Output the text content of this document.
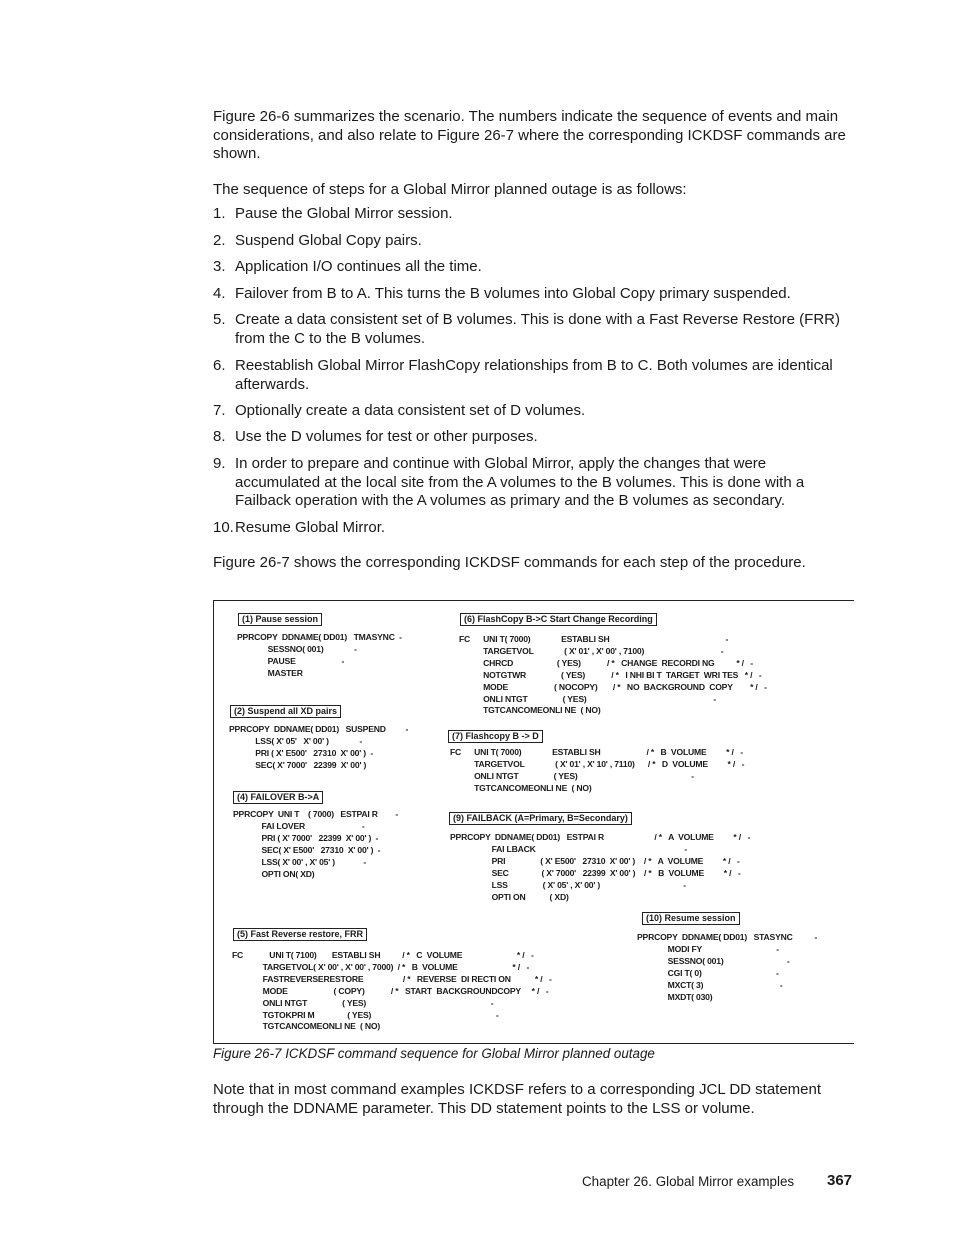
Figure 26-6 summarizes the scenario. The numbers indicate the sequence of events and main considerations, and also relate to Figure 26-7 where the corresponding ICKDSF commands are shown.

The sequence of steps for a Global Mirror planned outage is as follows:

1. Pause the Global Mirror session.
2. Suspend Global Copy pairs.
3. Application I/O continues all the time.
4. Failover from B to A. This turns the B volumes into Global Copy primary suspended.
5. Create a data consistent set of B volumes. This is done with a Fast Reverse Restore (FRR) from the C to the B volumes.
6. Reestablish Global Mirror FlashCopy relationships from B to C. Both volumes are identical afterwards.
7. Optionally create a data consistent set of D volumes.
8. Use the D volumes for test or other purposes.
9. In order to prepare and continue with Global Mirror, apply the changes that were accumulated at the local site from the A volumes to the B volumes. This is done with a Failback operation with the A volumes as primary and the B volumes as secondary.
10. Resume Global Mirror.

Figure 26-7 shows the corresponding ICKDSF commands for each step of the procedure.

(1) Pause session
PPRCOPY  DDNAME( DD01)   TMASYNC  -
SESSNO( 001)              -
PAUSE                     -
MASTER
(6) FlashCopy B->C Start Change Recording
FC      UNI T( 7000)              ESTABLI SH                                                     -
TARGETVOL              ( X' 01' , X' 00' , 7100)                                   -
CHRCD                    ( YES)            / *   CHANGE  RECORDI NG          * /   -
NOTGTWR                ( YES)            / *   I NHI BI T  TARGET  WRI TES   * /   -
MODE                     ( NOCOPY)       / *   NO  BACKGROUND  COPY        * /   -
ONLI NTGT                ( YES)                                                          -
TGTCANCOMEONLI NE  ( NO)
(2) Suspend all XD pairs
PPRCOPY  DDNAME( DD01)   SUSPEND         -
LSS( X' 05'   X' 00' )              -
PRI ( X' E500'   27310  X' 00' )  -
SEC( X' 7000'   22399  X' 00' )
(7) Flashcopy B -> D
FC      UNI T( 7000)              ESTABLI SH                     / *   B  VOLUME         * /   -
TARGETVOL              ( X' 01' , X' 10' , 7110)      / *   D  VOLUME         * /   -
ONLI NTGT                ( YES)                                                    -
TGTCANCOMEONLI NE  ( NO)
(4) FAILOVER B->A
PPRCOPY  UNI T    ( 7000)   ESTPAI R        -
FAI LOVER                          -
PRI ( X' 7000'   22399  X' 00' )  -
SEC( X' E500'   27310  X' 00' )  -
LSS( X' 00' , X' 05' )             -
OPTI ON( XD)
(9) FAILBACK (A=Primary, B=Secondary)
PPRCOPY  DDNAME( DD01)   ESTPAI R                       / *   A  VOLUME         * /   -
FAI LBACK                                                                    -
PRI                ( X' E500'   27310  X' 00' )    / *   A  VOLUME         * /   -
SEC               ( X' 7000'   22399  X' 00' )    / *   B  VOLUME         * /   -
LSS                ( X' 05' , X' 00' )                                      -
OPTI ON           ( XD)
(10) Resume session
PPRCOPY  DDNAME( DD01)   STASYNC          -
MODI FY                                  -
SESSNO( 001)                             -
CGI T( 0)                                  -
MXCT( 3)                                   -
MXDT( 030)
(5) Fast Reverse restore, FRR
FC            UNI T( 7100)       ESTABLI SH          / *   C  VOLUME                         * /   -
TARGETVOL( X' 00' , X' 00' , 7000)  / *   B  VOLUME                         * /   -
FASTREVERSERESTORE                  / *   REVERSE  DI RECTI ON           * /   -
MODE                     ( COPY)            / *   START  BACKGROUNDCOPY     * /   -
ONLI NTGT                ( YES)                                                         -
TGTOKPRI M               ( YES)                                                         -
TGTCANCOMEONLI NE  ( NO)
Figure 26-7 ICKDSF command sequence for Global Mirror planned outage

Note that in most command examples ICKDSF refers to a corresponding JCL DD statement through the DDNAME parameter. This DD statement points to the LSS or volume.

Chapter 26. Global Mirror examples 367
